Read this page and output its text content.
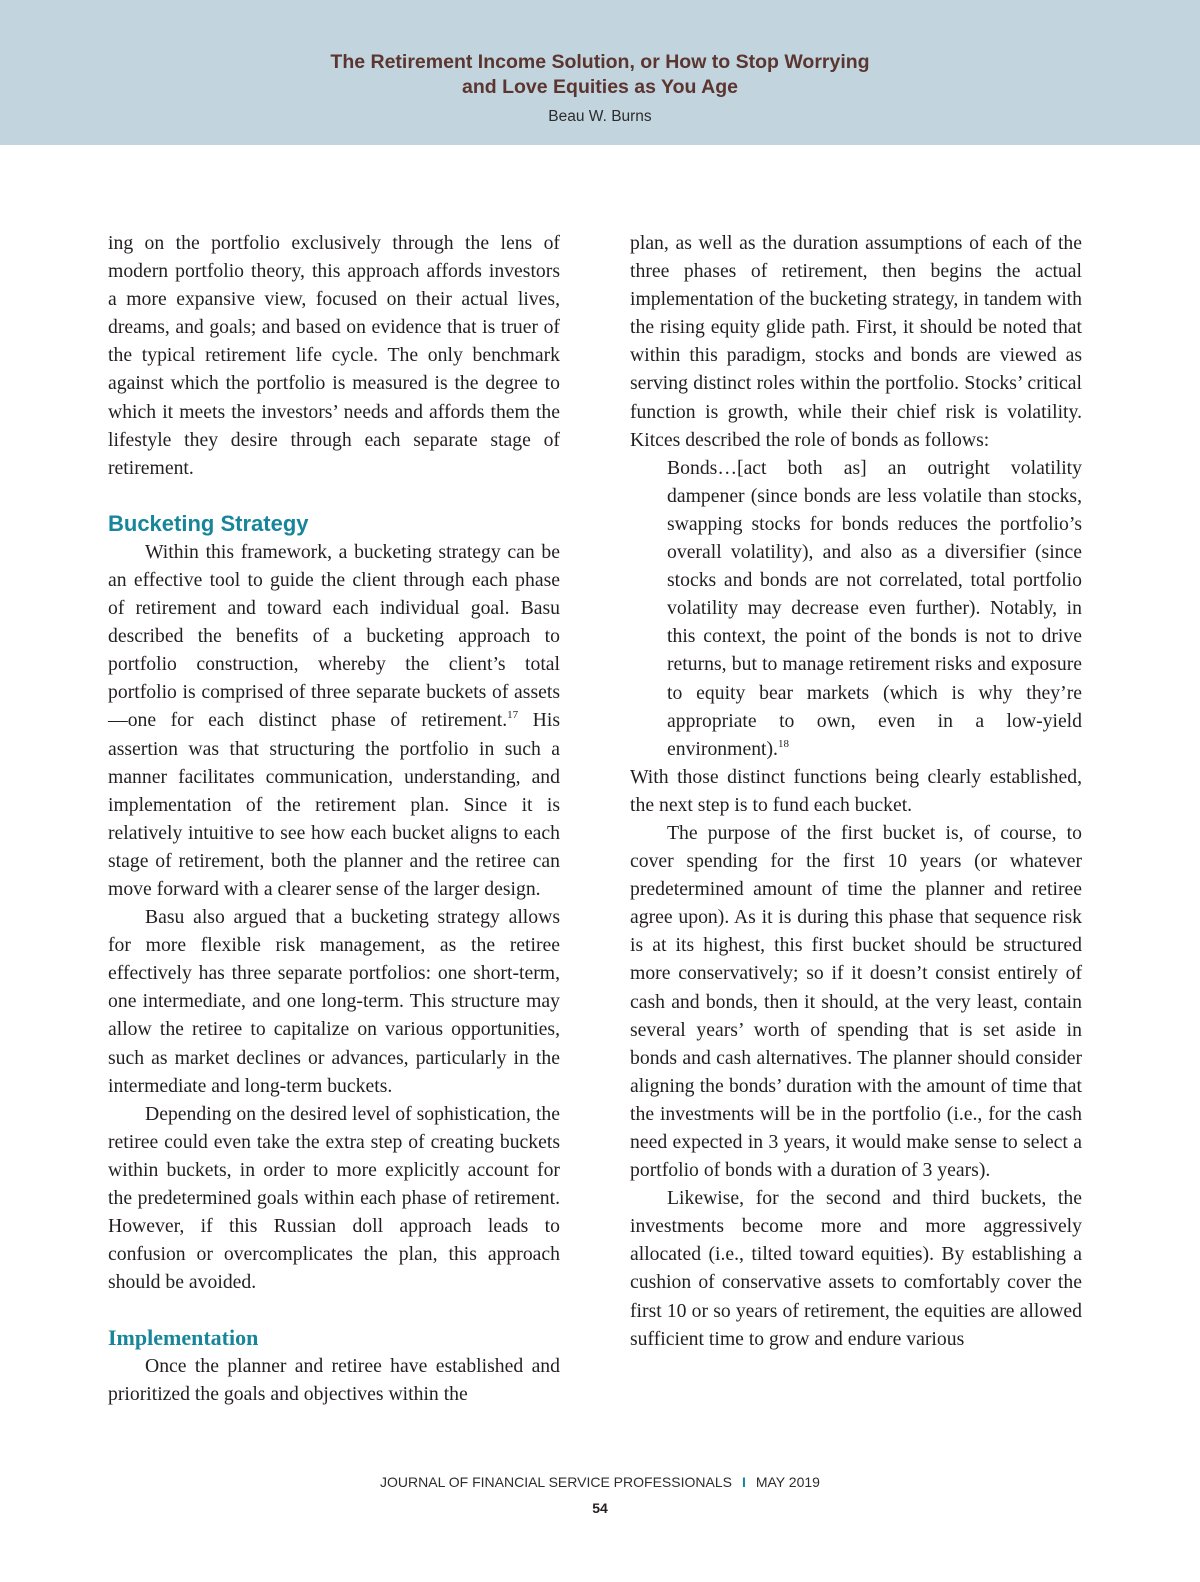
The Retirement Income Solution, or How to Stop Worrying
and Love Equities as You Age
Beau W. Burns

ing on the portfolio exclusively through the lens of modern portfolio theory, this approach affords investors a more expansive view, focused on their actual lives, dreams, and goals; and based on evidence that is truer of the typical retirement life cycle. The only benchmark against which the portfolio is measured is the degree to which it meets the investors’ needs and affords them the lifestyle they desire through each separate stage of retirement.

Bucketing Strategy

Within this framework, a bucketing strategy can be an effective tool to guide the client through each phase of retirement and toward each individual goal. Basu described the benefits of a bucketing approach to portfolio construction, whereby the client’s total portfolio is comprised of three separate buckets of assets—one for each distinct phase of retirement.$^{17}$ His assertion was that structuring the portfolio in such a manner facilitates communication, understanding, and implementation of the retirement plan. Since it is relatively intuitive to see how each bucket aligns to each stage of retirement, both the planner and the retiree can move forward with a clearer sense of the larger design.

Basu also argued that a bucketing strategy allows for more flexible risk management, as the retiree effectively has three separate portfolios: one short-term, one intermediate, and one long-term. This structure may allow the retiree to capitalize on various opportunities, such as market declines or advances, particularly in the intermediate and long-term buckets.

Depending on the desired level of sophistication, the retiree could even take the extra step of creating buckets within buckets, in order to more explicitly account for the predetermined goals within each phase of retirement. However, if this Russian doll approach leads to confusion or overcomplicates the plan, this approach should be avoided.

Implementation

Once the planner and retiree have established and prioritized the goals and objectives within the

plan, as well as the duration assumptions of each of the three phases of retirement, then begins the actual implementation of the bucketing strategy, in tandem with the rising equity glide path. First, it should be noted that within this paradigm, stocks and bonds are viewed as serving distinct roles within the portfolio. Stocks’ critical function is growth, while their chief risk is volatility. Kitces described the role of bonds as follows:

Bonds…[act both as] an outright volatility dampener (since bonds are less volatile than stocks, swapping stocks for bonds reduces the portfolio’s overall volatility), and also as a diversifier (since stocks and bonds are not correlated, total portfolio volatility may decrease even further). Notably, in this context, the point of the bonds is not to drive returns, but to manage retirement risks and exposure to equity bear markets (which is why they’re appropriate to own, even in a low-yield environment).$^{18}$

With those distinct functions being clearly established, the next step is to fund each bucket.

The purpose of the first bucket is, of course, to cover spending for the first 10 years (or whatever predetermined amount of time the planner and retiree agree upon). As it is during this phase that sequence risk is at its highest, this first bucket should be structured more conservatively; so if it doesn’t consist entirely of cash and bonds, then it should, at the very least, contain several years’ worth of spending that is set aside in bonds and cash alternatives. The planner should consider aligning the bonds’ duration with the amount of time that the investments will be in the portfolio (i.e., for the cash need expected in 3 years, it would make sense to select a portfolio of bonds with a duration of 3 years).

Likewise, for the second and third buckets, the investments become more and more aggressively allocated (i.e., tilted toward equities). By establishing a cushion of conservative assets to comfortably cover the first 10 or so years of retirement, the equities are allowed sufficient time to grow and endure various

JOURNAL OF FINANCIAL SERVICE PROFESSIONALS I MAY 2019
54
